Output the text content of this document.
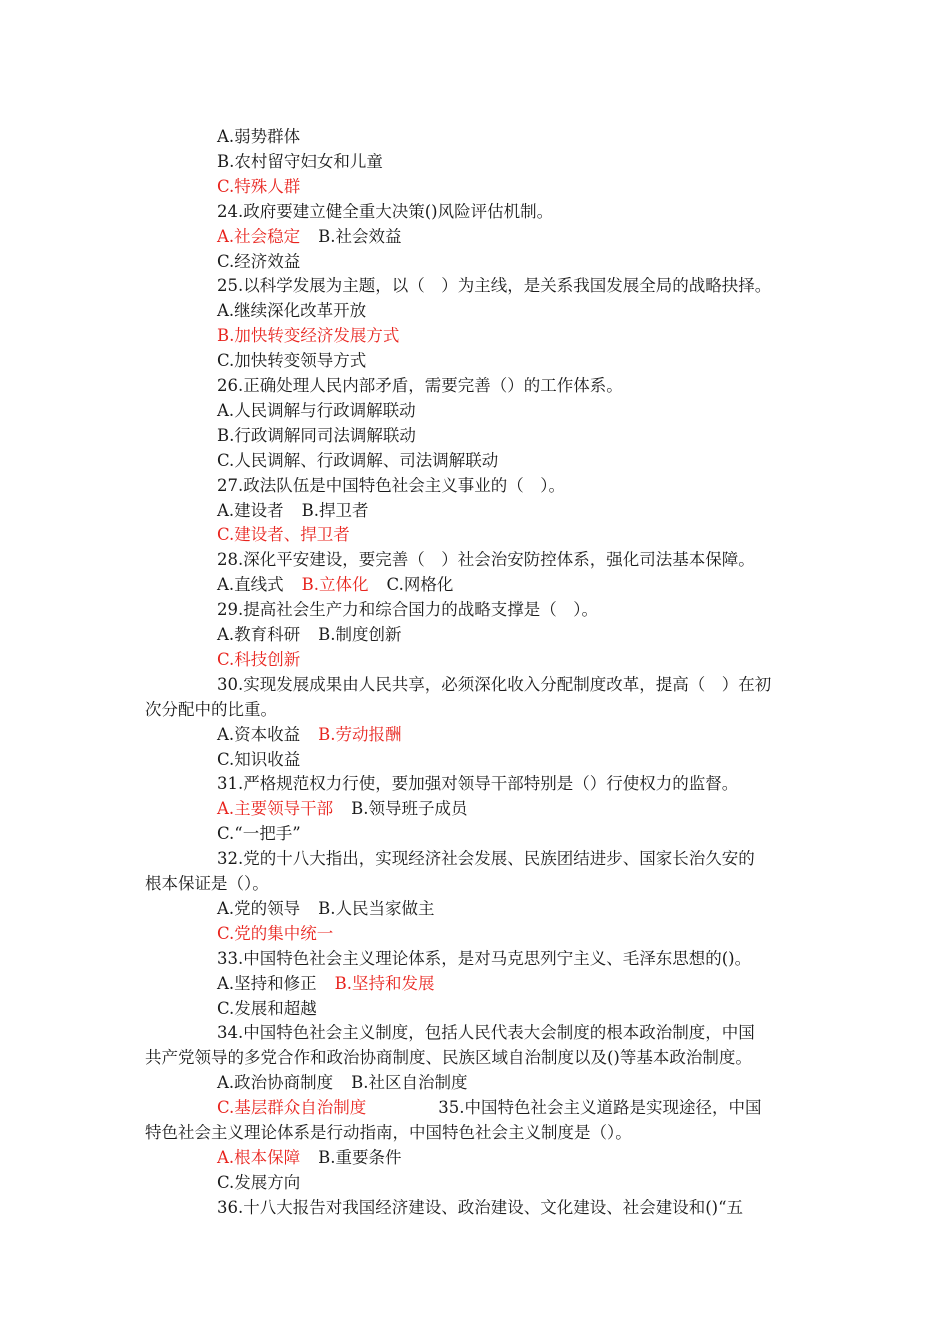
A.弱势群体
B.农村留守妇女和儿童
C.特殊人群
24.政府要建立健全重大决策()风险评估机制。
A.社会稳定 B.社会效益
C.经济效益
25.以科学发展为主题，以（　）为主线，是关系我国发展全局的战略抉择。
A.继续深化改革开放
B.加快转变经济发展方式
C.加快转变领导方式
26.正确处理人民内部矛盾，需要完善（）的工作体系。
A.人民调解与行政调解联动
B.行政调解同司法调解联动
C.人民调解、行政调解、司法调解联动
27.政法队伍是中国特色社会主义事业的（　）。
A.建设者 B.捍卫者
C.建设者、捍卫者
28.深化平安建设，要完善（　）社会治安防控体系，强化司法基本保障。
A.直线式 B.立体化 C.网格化
29.提高社会生产力和综合国力的战略支撑是（　）。
A.教育科研 B.制度创新
C.科技创新
30.实现发展成果由人民共享，必须深化收入分配制度改革，提高（　）在初
次分配中的比重。
A.资本收益 B.劳动报酬
C.知识收益
31.严格规范权力行使，要加强对领导干部特别是（）行使权力的监督。
A.主要领导干部 B.领导班子成员
C.“一把手”
32.党的十八大指出，实现经济社会发展、民族团结进步、国家长治久安的
根本保证是（）。
A.党的领导 B.人民当家做主
C.党的集中统一
33.中国特色社会主义理论体系，是对马克思列宁主义、毛泽东思想的()。
A.坚持和修正 B.坚持和发展
C.发展和超越
34.中国特色社会主义制度，包括人民代表大会制度的根本政治制度，中国
共产党领导的多党合作和政治协商制度、民族区域自治制度以及()等基本政治制度。
A.政治协商制度 B.社区自治制度
C.基层群众自治制度	35.中国特色社会主义道路是实现途径，中国
特色社会主义理论体系是行动指南，中国特色社会主义制度是（）。
A.根本保障 B.重要条件
C.发展方向
36.十八大报告对我国经济建设、政治建设、文化建设、社会建设和()“五
